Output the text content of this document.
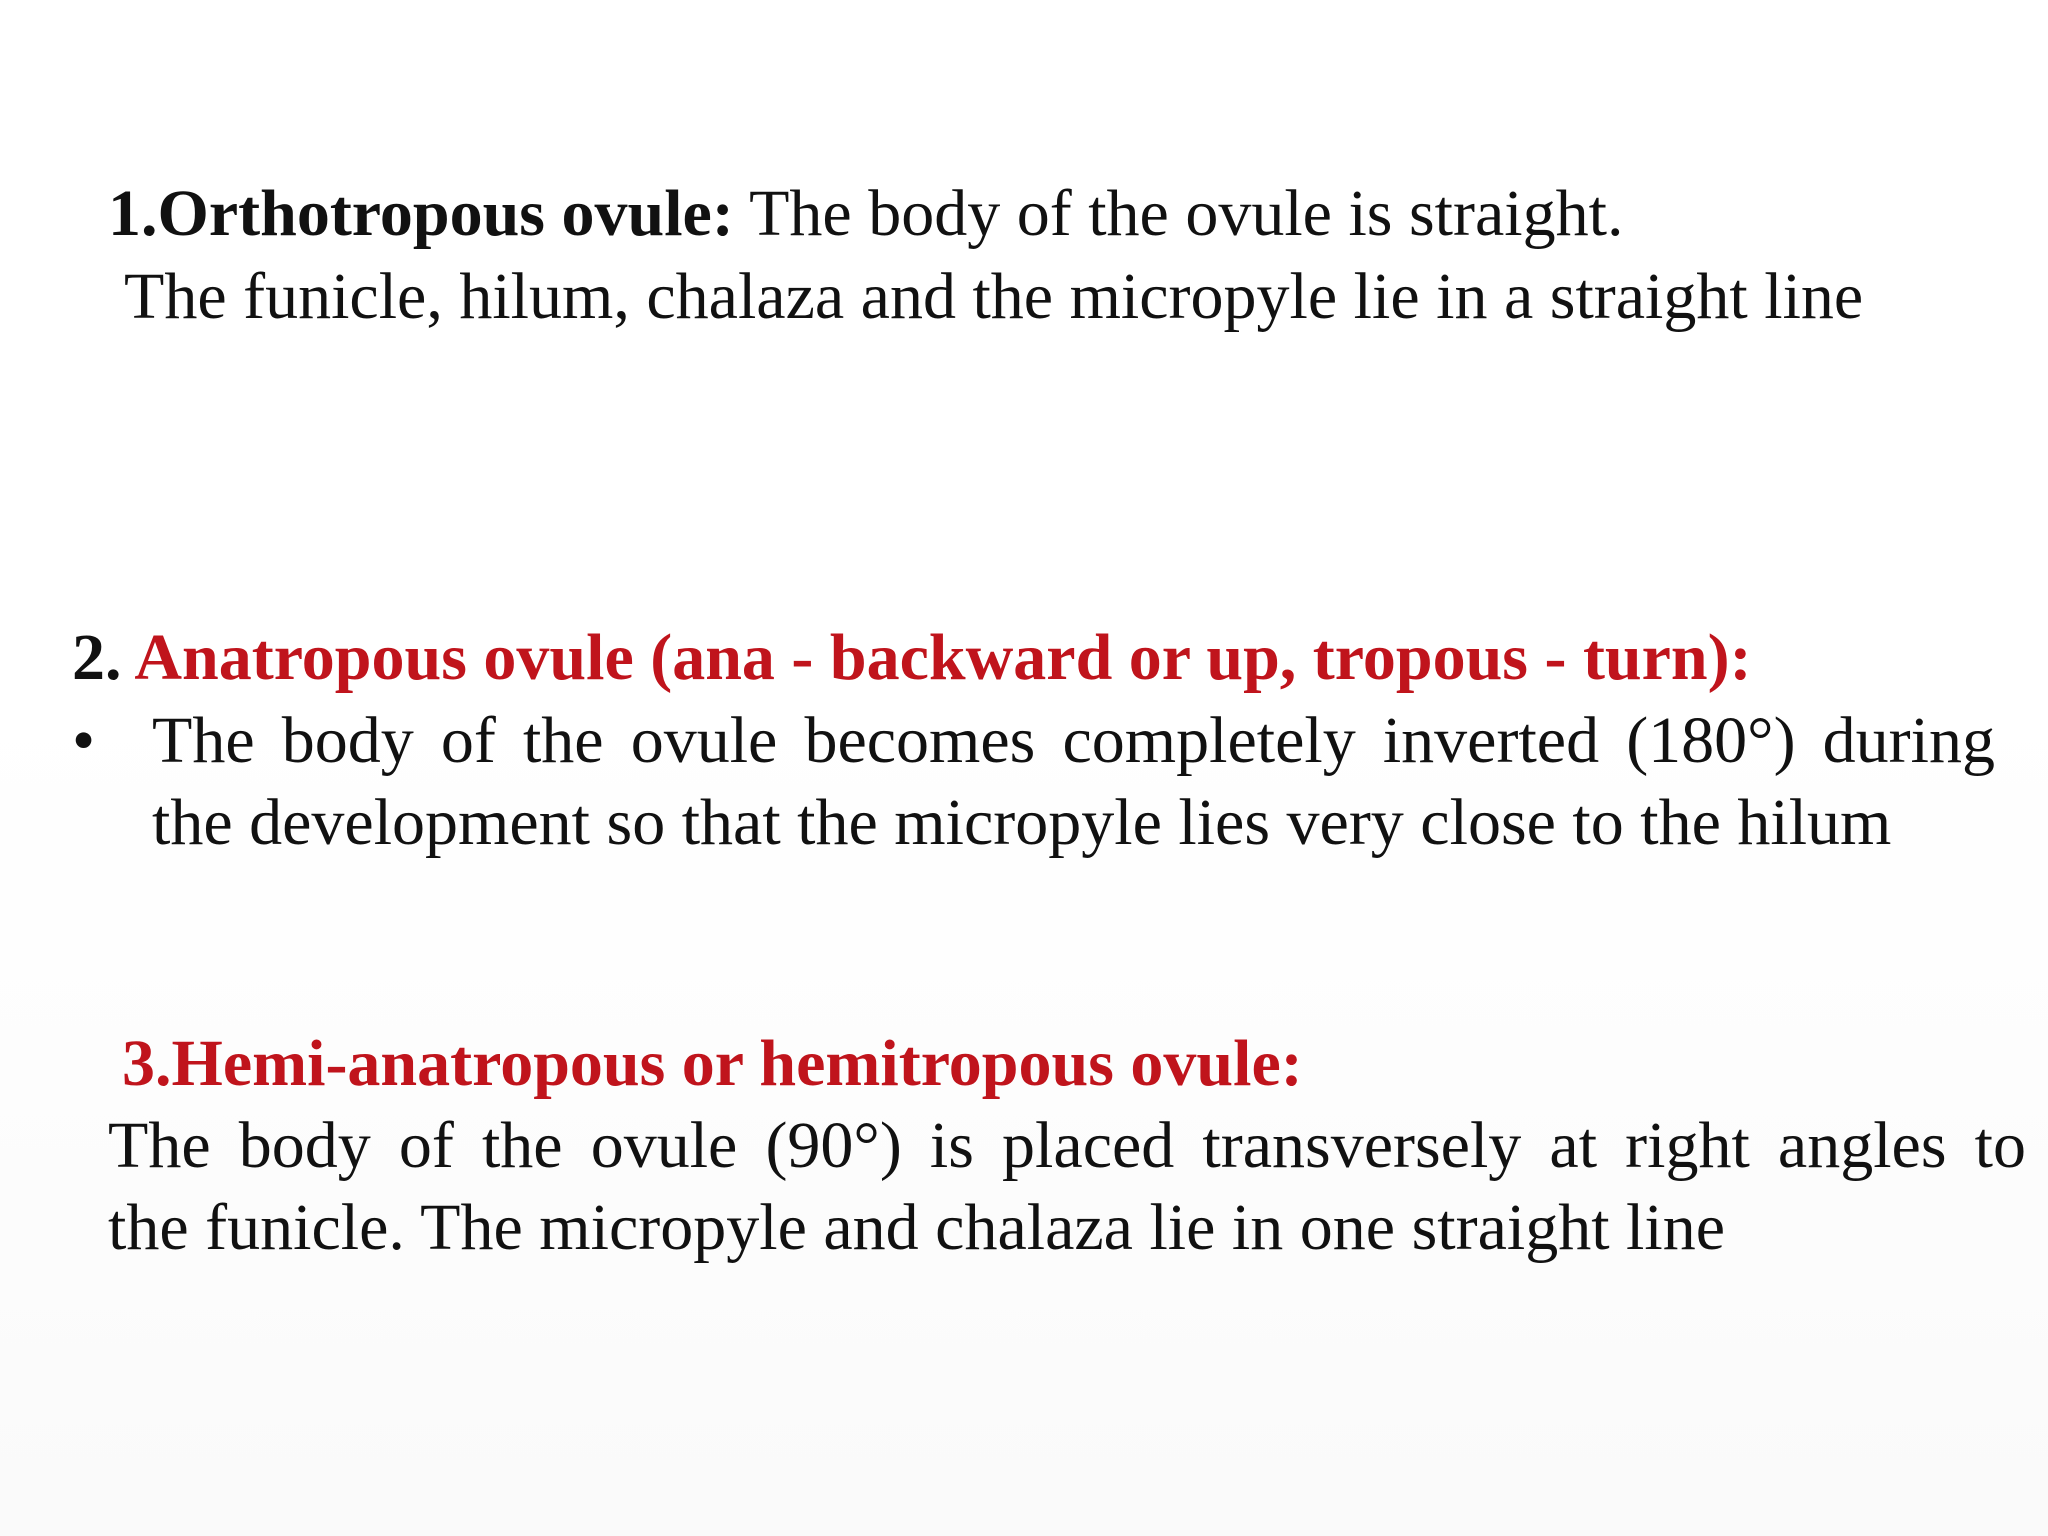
1.Orthotropous ovule: The body of the ovule is straight.
The funicle, hilum, chalaza and the micropyle lie in a straight line
2. Anatropous ovule (ana - backward or up, tropous - turn):
• The body of the ovule becomes completely inverted (180°) during
the development so that the micropyle lies very close to the hilum
3.Hemi-anatropous or hemitropous ovule:
The body of the ovule (90°) is placed transversely at right angles to
the funicle. The micropyle and chalaza lie in one straight line
